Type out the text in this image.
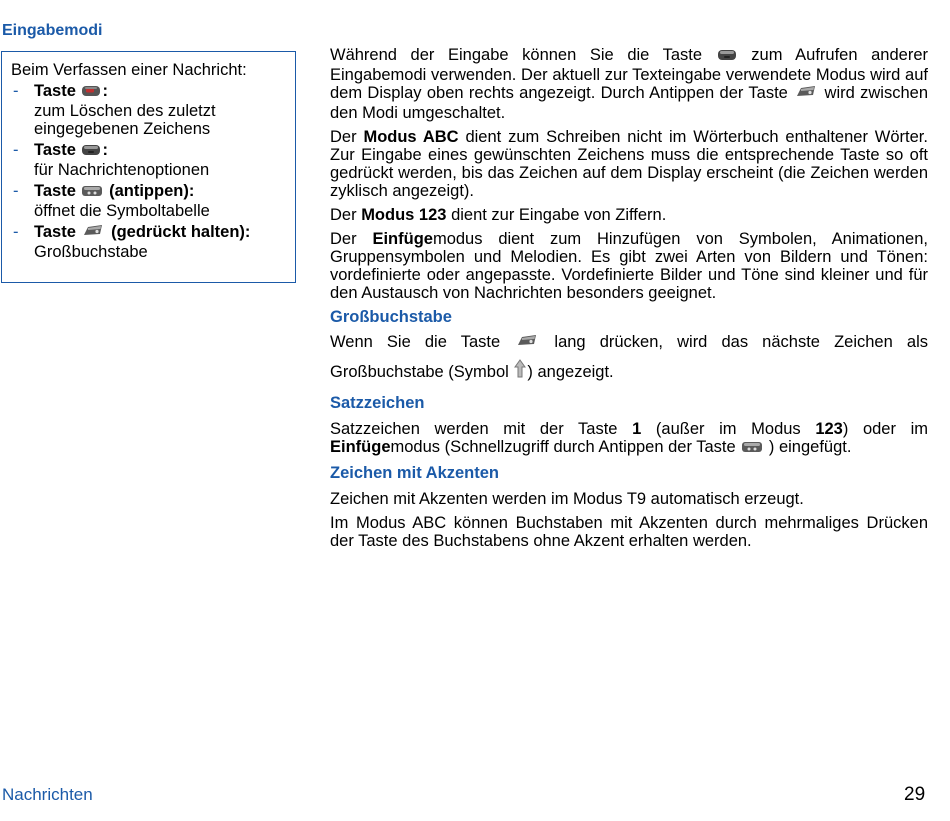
Eingabemodi
Beim Verfassen einer Nachricht:
- Taste :
zum Löschen des zuletzt
eingegebenen Zeichens
- Taste :
für Nachrichtenoptionen
- Taste (antippen):
öffnet die Symboltabelle
- Taste (gedrückt halten):
Großbuchstabe

Während der Eingabe können Sie die Taste	zum Aufrufen anderer Eingabemodi verwenden. Der aktuell zur Texteingabe verwendete Modus wird auf dem Display oben rechts angezeigt. Durch Antippen der Taste wird zwischen den Modi umgeschaltet.

Der Modus ABC dient zum Schreiben nicht im Wörterbuch enthaltener Wörter. Zur Eingabe eines gewünschten Zeichens muss die entsprechende Taste so oft gedrückt werden, bis das Zeichen auf dem Display erscheint (die Zeichen werden zyklisch angezeigt).

Der Modus 123 dient zur Eingabe von Ziffern.

Der Einfügemodus dient zum Hinzufügen von Symbolen, Animationen, Gruppensymbolen und Melodien. Es gibt zwei Arten von Bildern und Tönen: vordefinierte oder angepasste. Vordefinierte Bilder und Töne sind kleiner und für den Austausch von Nachrichten besonders geeignet.

Großbuchstabe

Wenn Sie die Taste	lang drücken, wird das nächste Zeichen als Großbuchstabe (Symbol ) angezeigt.

Satzzeichen

Satzzeichen werden mit der Taste 1 (außer im Modus 123) oder im Einfügemodus (Schnellzugriff durch Antippen der Taste ) eingefügt.

Zeichen mit Akzenten

Zeichen mit Akzenten werden im Modus T9 automatisch erzeugt.

Im Modus ABC können Buchstaben mit Akzenten durch mehrmaliges Drücken der Taste des Buchstabens ohne Akzent erhalten werden.

Nachrichten	29
